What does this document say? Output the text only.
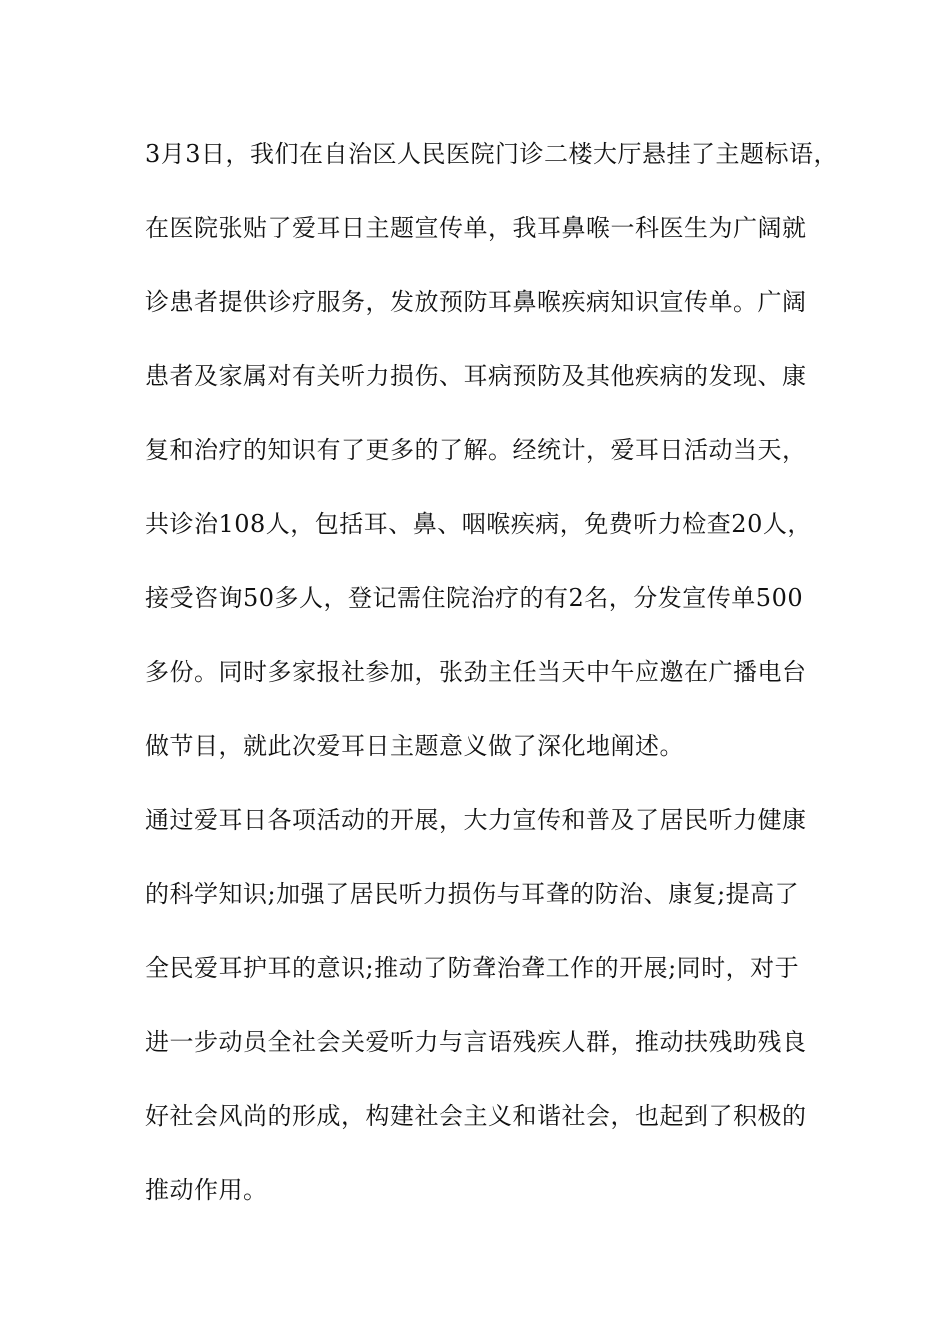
3月3日，我们在自治区人民医院门诊二楼大厅悬挂了主题标语，
在医院张贴了爱耳日主题宣传单，我耳鼻喉一科医生为广阔就
诊患者提供诊疗服务，发放预防耳鼻喉疾病知识宣传单。广阔
患者及家属对有关听力损伤、耳病预防及其他疾病的发现、康
复和治疗的知识有了更多的了解。经统计，爱耳日活动当天，
共诊治108人，包括耳、鼻、咽喉疾病，免费听力检查20人，
接受咨询50多人，登记需住院治疗的有2名，分发宣传单500
多份。同时多家报社参加，张劲主任当天中午应邀在广播电台
做节目，就此次爱耳日主题意义做了深化地阐述。
通过爱耳日各项活动的开展，大力宣传和普及了居民听力健康
的科学知识;加强了居民听力损伤与耳聋的防治、康复;提高了
全民爱耳护耳的意识;推动了防聋治聋工作的开展;同时，对于
进一步动员全社会关爱听力与言语残疾人群，推动扶残助残良
好社会风尚的形成，构建社会主义和谐社会，也起到了积极的
推动作用。
